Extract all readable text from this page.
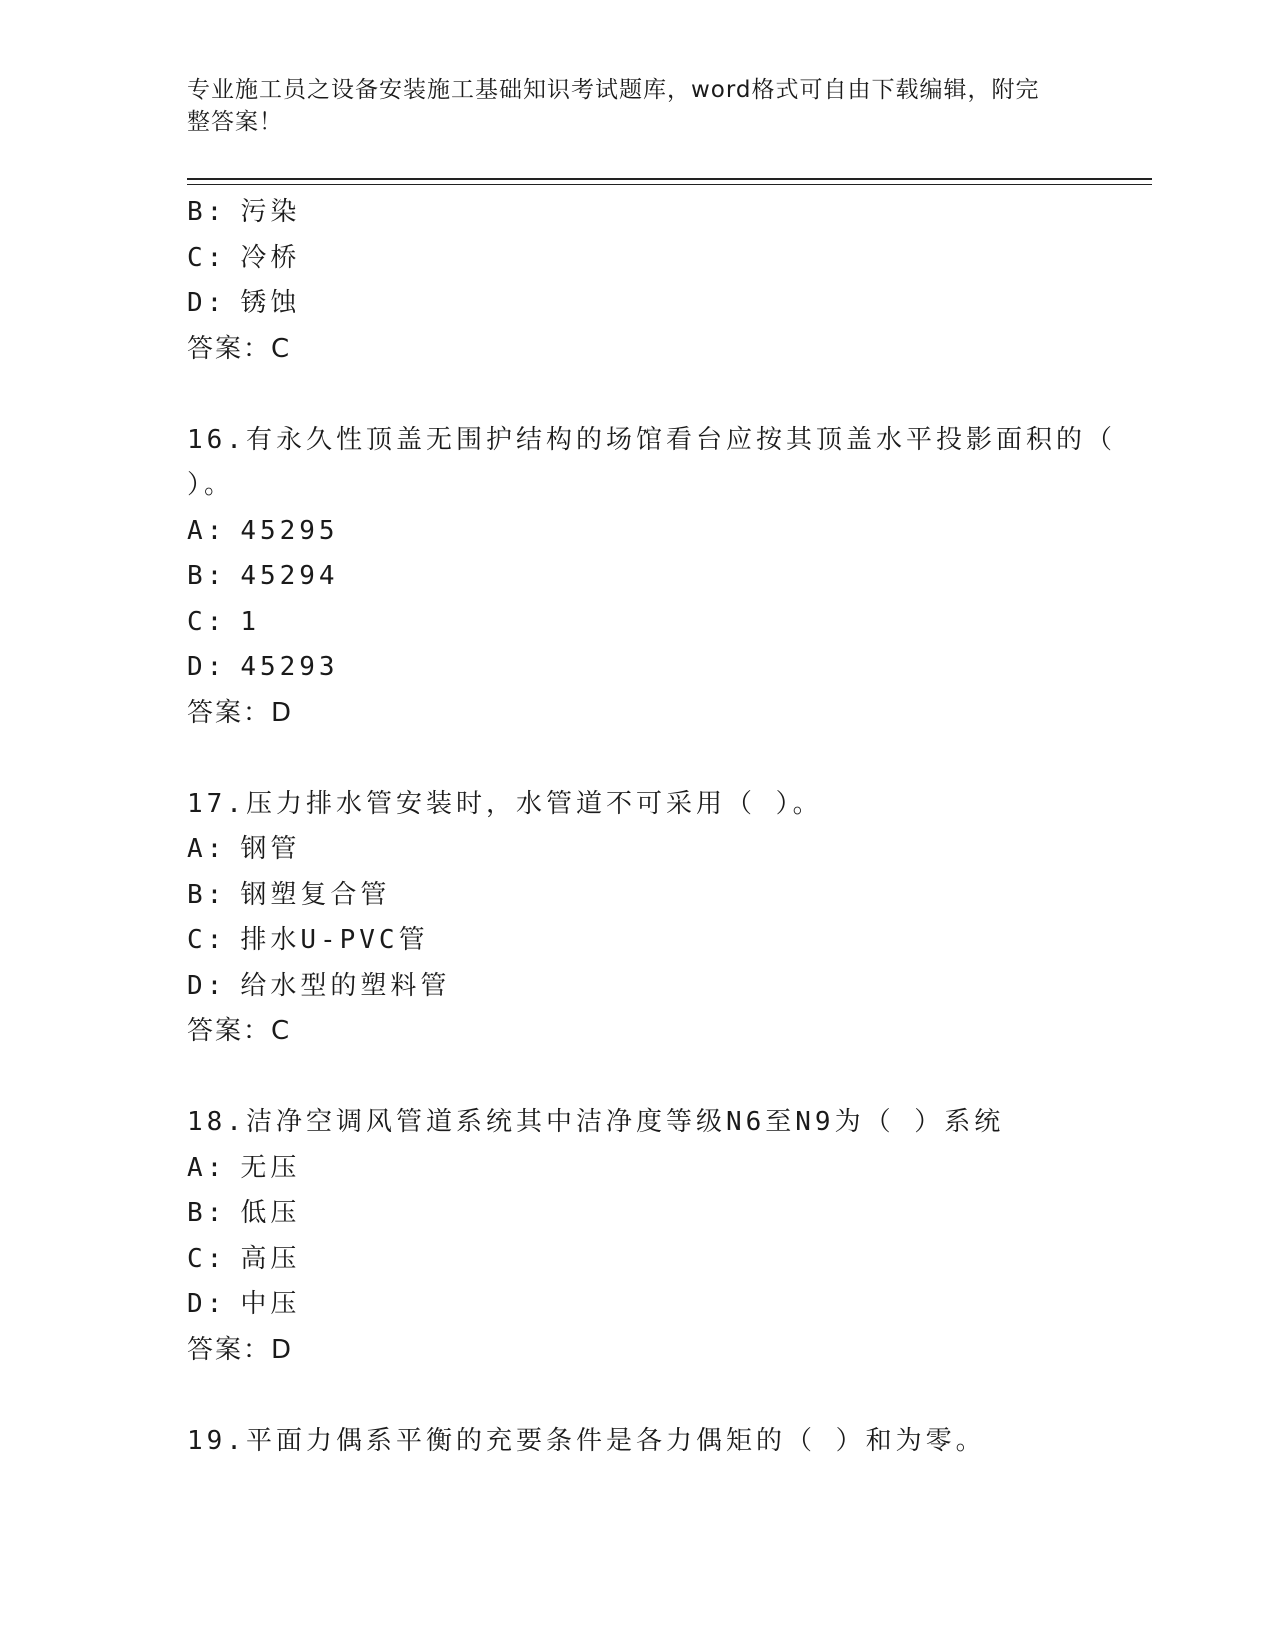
专业施工员之设备安装施工基础知识考试题库，word格式可自由下载编辑，附完
整答案！
B: 污染
C: 冷桥
D: 锈蚀
答案：C
16.有永久性顶盖无围护结构的场馆看台应按其顶盖水平投影面积的（
）。
A: 45295
B: 45294
C: 1
D: 45293
答案：D
17.压力排水管安装时，水管道不可采用（ ）。
A: 钢管
B: 钢塑复合管
C: 排水U-PVC管
D: 给水型的塑料管
答案：C
18.洁净空调风管道系统其中洁净度等级N6至N9为（ ）系统
A: 无压
B: 低压
C: 高压
D: 中压
答案：D
19.平面力偶系平衡的充要条件是各力偶矩的（ ）和为零。
